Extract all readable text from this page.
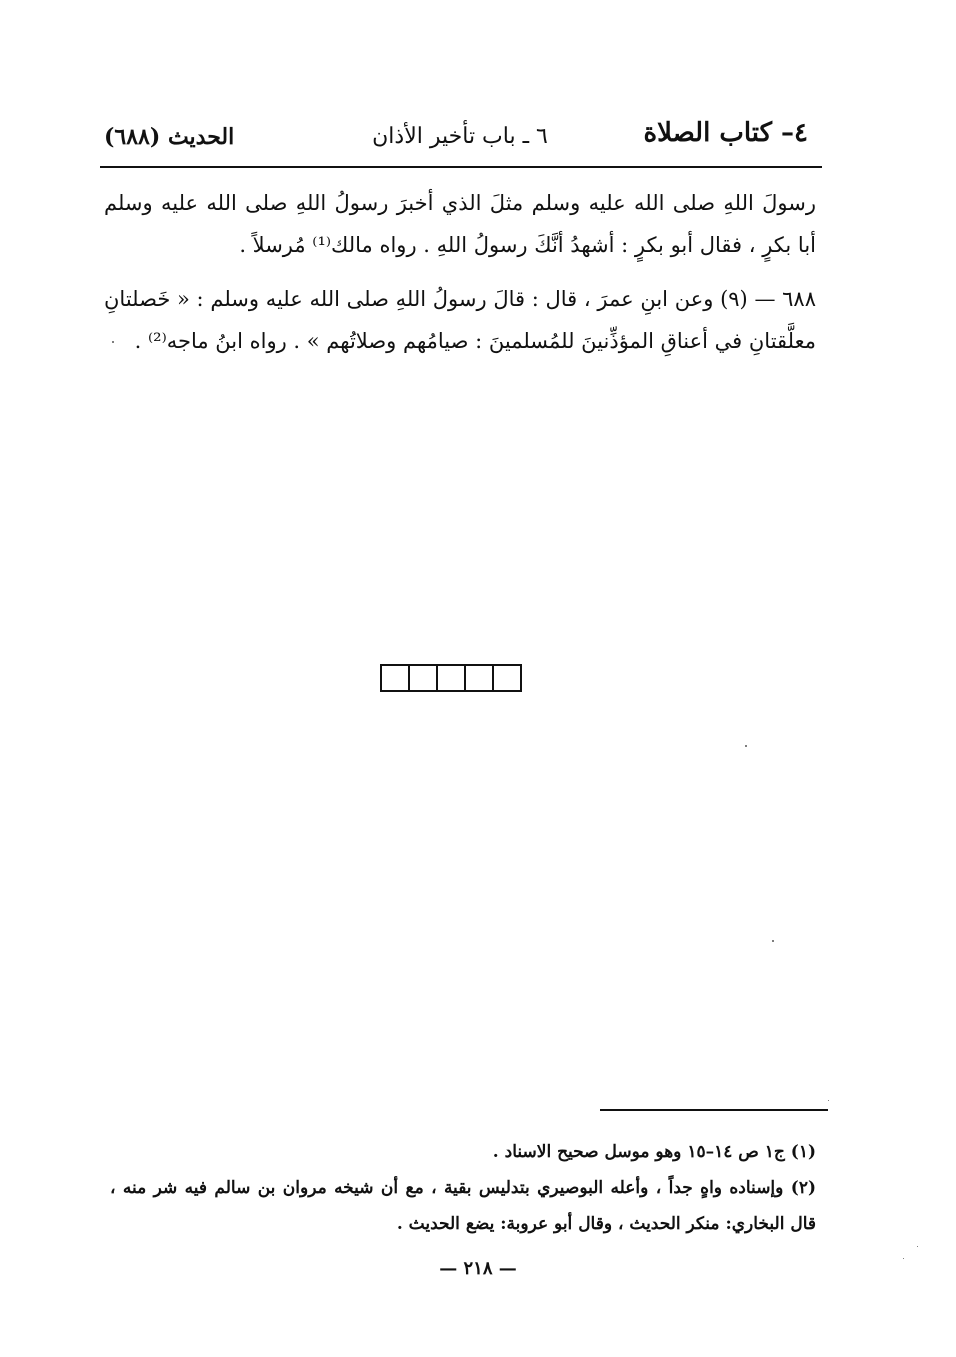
٤– كتاب الصلاة
٦ ـ باب تأخير الأذان
الحديث (٦٨٨)

رسولَ اللهِ صلى الله عليه وسلم مثلَ الذي أخبرَ رسولُ اللهِ صلى الله عليه وسلم أبا بكرٍ ، فقال أبو بكرٍ : أشهدُ أنَّكَ رسولُ اللهِ . رواه مالك⁽¹⁾ مُرسلاً .

٦٨٨ — (٩) وعن ابنِ عمرَ ، قال : قالَ رسولُ اللهِ صلى الله عليه وسلم : « خَصلتانِ معلَّقتانِ في أعناقِ المؤذِّنينَ للمُسلمينَ : صيامُهم وصلاتُهم » . رواه ابنُ ماجه⁽²⁾ .

(١) ج١ ص ١٤–١٥ وهو موسل صحيح الاسناد .

(٢) وإسناده واهٍ جداً ، وأعله البوصيري بتدليس بقية ، مع أن شيخه مروان بن سالم فيه شر منه ، قال البخاري: منكر الحديث ، وقال أبو عروبة: يضع الحديث .

— ٢١٨ —
